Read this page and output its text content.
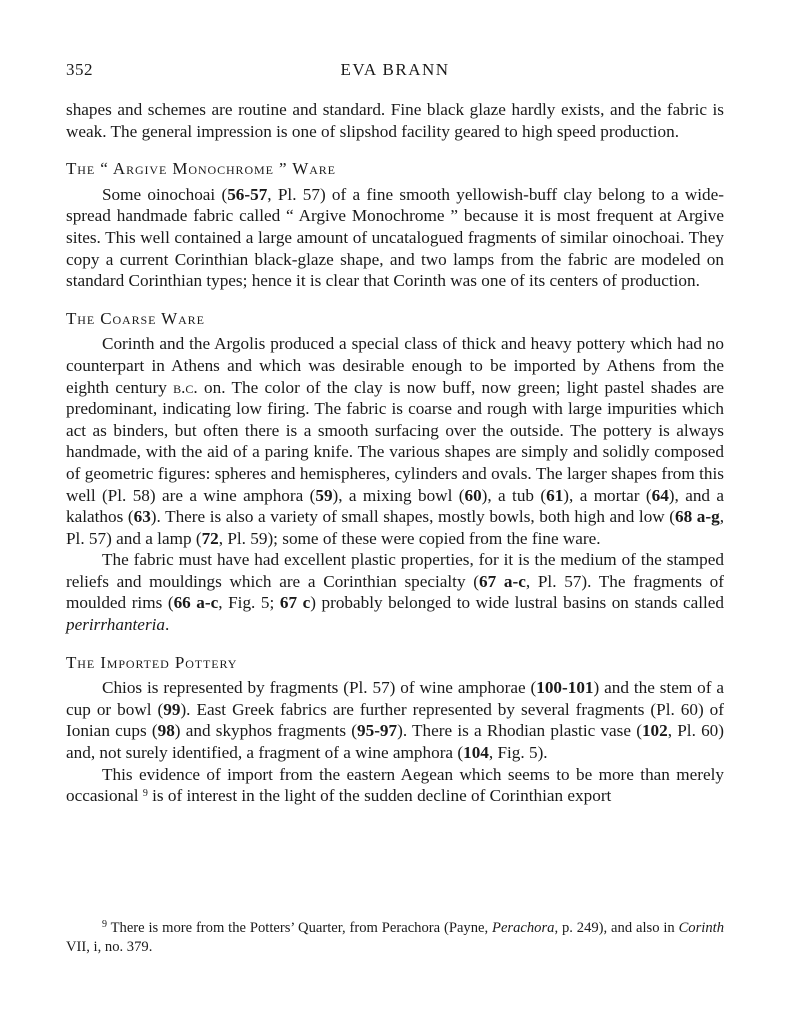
352	EVA BRANN

shapes and schemes are routine and standard. Fine black glaze hardly exists, and the fabric is weak. The general impression is one of slipshod facility geared to high speed production.

The “ Argive Monochrome ” Ware

Some oinochoai (56-57, Pl. 57) of a fine smooth yellowish-buff clay belong to a wide-spread handmade fabric called “ Argive Monochrome ” because it is most frequent at Argive sites. This well contained a large amount of uncatalogued fragments of similar oinochoai. They copy a current Corinthian black-glaze shape, and two lamps from the fabric are modeled on standard Corinthian types; hence it is clear that Corinth was one of its centers of production.

The Coarse Ware

Corinth and the Argolis produced a special class of thick and heavy pottery which had no counterpart in Athens and which was desirable enough to be imported by Athens from the eighth century b.c. on. The color of the clay is now buff, now green; light pastel shades are predominant, indicating low firing. The fabric is coarse and rough with large impurities which act as binders, but often there is a smooth surfacing over the outside. The pottery is always handmade, with the aid of a paring knife. The various shapes are simply and solidly composed of geometric figures: spheres and hemispheres, cylinders and ovals. The larger shapes from this well (Pl. 58) are a wine amphora (59), a mixing bowl (60), a tub (61), a mortar (64), and a kalathos (63). There is also a variety of small shapes, mostly bowls, both high and low (68 a-g, Pl. 57) and a lamp (72, Pl. 59); some of these were copied from the fine ware.

The fabric must have had excellent plastic properties, for it is the medium of the stamped reliefs and mouldings which are a Corinthian specialty (67 a-c, Pl. 57). The fragments of moulded rims (66 a-c, Fig. 5; 67 c) probably belonged to wide lustral basins on stands called perirrhanteria.

The Imported Pottery

Chios is represented by fragments (Pl. 57) of wine amphorae (100-101) and the stem of a cup or bowl (99). East Greek fabrics are further represented by several fragments (Pl. 60) of Ionian cups (98) and skyphos fragments (95-97). There is a Rhodian plastic vase (102, Pl. 60) and, not surely identified, a fragment of a wine amphora (104, Fig. 5).

This evidence of import from the eastern Aegean which seems to be more than merely occasional $^9$ is of interest in the light of the sudden decline of Corinthian export

$^9$ There is more from the Potters’ Quarter, from Perachora (Payne, Perachora, p. 249), and also in Corinth VII, i, no. 379.
